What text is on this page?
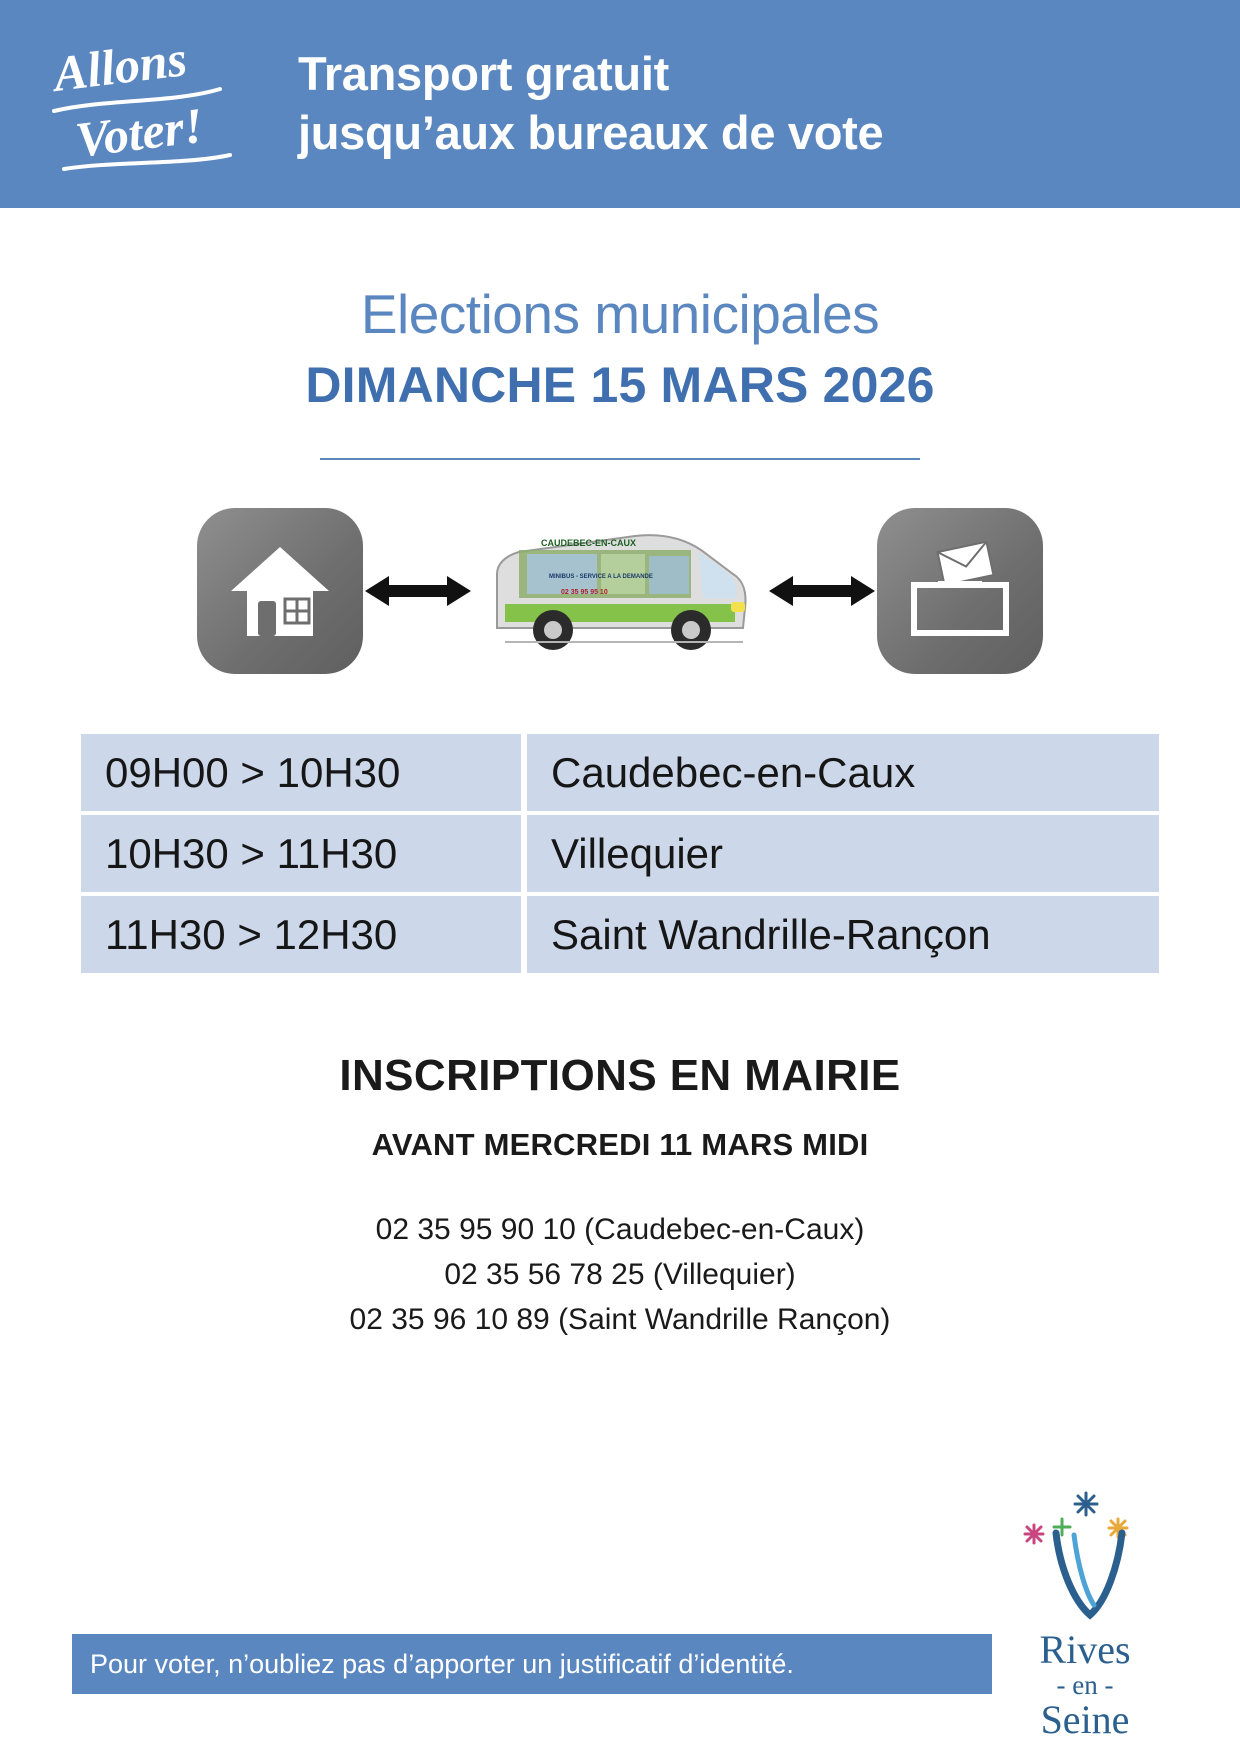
Allons
Voter!
Transport gratuit
jusqu’aux bureaux de vote
Elections municipales
DIMANCHE 15 MARS 2026
CAUDEBEC-EN-CAUX
MINIBUS - SERVICE A LA DEMANDE
02 35 95 95 10
09H00 > 10H30	Caudebec-en-Caux
10H30 > 11H30	Villequier
11H30 > 12H30	Saint Wandrille-Rançon
INSCRIPTIONS EN MAIRIE
AVANT MERCREDI 11 MARS MIDI
02 35 95 90 10 (Caudebec-en-Caux)
02 35 56 78 25 (Villequier)
02 35 96 10 89 (Saint Wandrille Rançon)
Pour voter, n’oubliez pas d’apporter un justificatif d’identité.	Rives
- en -
Seine
